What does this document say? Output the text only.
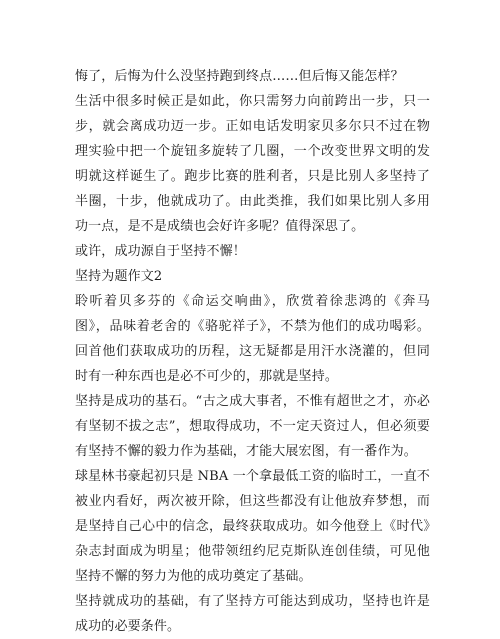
悔了，后悔为什么没坚持跑到终点……但后悔又能怎样？

生活中很多时候正是如此，你只需努力向前跨出一步，只一步，就会离成功迈一步。正如电话发明家贝多尔只不过在物理实验中把一个旋钮多旋转了几圈，一个改变世界文明的发明就这样诞生了。跑步比赛的胜利者，只是比别人多坚持了半圈，十步，他就成功了。由此类推，我们如果比别人多用功一点，是不是成绩也会好许多呢？值得深思了。

或许，成功源自于坚持不懈！

坚持为题作文2

聆听着贝多芬的《命运交响曲》，欣赏着徐悲鸿的《奔马图》，品味着老舍的《骆驼祥子》，不禁为他们的成功喝彩。回首他们获取成功的历程，这无疑都是用汗水浇灌的，但同时有一种东西也是必不可少的，那就是坚持。

坚持是成功的基石。“古之成大事者，不惟有超世之才，亦必有坚韧不拔之志”，想取得成功，不一定天资过人，但必须要有坚持不懈的毅力作为基础，才能大展宏图，有一番作为。

球星林书豪起初只是 NBA 一个拿最低工资的临时工，一直不被业内看好，两次被开除，但这些都没有让他放弃梦想，而是坚持自己心中的信念，最终获取成功。如今他登上《时代》杂志封面成为明星；他带领纽约尼克斯队连创佳绩，可见他坚持不懈的努力为他的成功奠定了基础。

坚持就成功的基础，有了坚持方可能达到成功，坚持也许是成功的必要条件。
